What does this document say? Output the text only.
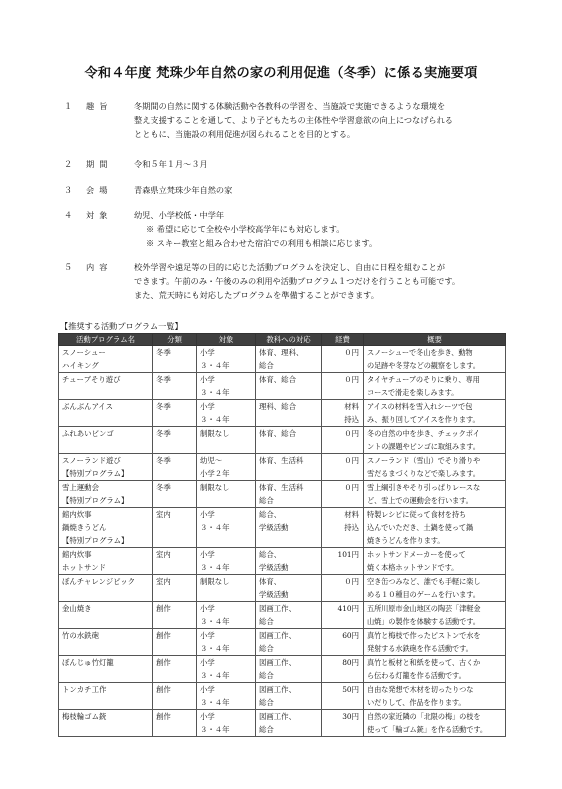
令和４年度 梵珠少年自然の家の利用促進（冬季）に係る実施要項
１	趣旨	冬期間の自然に関する体験活動や各教科の学習を、当施設で実施できるような環境を

整え支援することを通して、より子どもたちの主体性や学習意欲の向上につなげられる

とともに、当施設の利用促進が図られることを目的とする。

２	期間	令和５年１月～３月

３	会場	青森県立梵珠少年自然の家

４	対象	幼児、小学校低・中学年

※ 希望に応じて全校や小学校高学年にも対応します。

※ スキー教室と組み合わせた宿泊での利用も相談に応じます。

５	内容	校外学習や遠足等の目的に応じた活動プログラムを決定し、自由に日程を組むことが

できます。午前のみ・午後のみの利用や活動プログラム１つだけを行うことも可能です。

また、荒天時にも対応したプログラムを準備することができます。

【推奨する活動プログラム一覧】
活動プログラム名	分類	対象	教科への対応	経費	概要

スノーシュー
ハイキング	冬季	小学
３・４年	体育、理科、
総合	０円	スノーシューで冬山を歩き、動物
の足跡や冬芽などの観察をします。

チューブそり遊び	冬季	小学
３・４年	体育、総合	０円	タイヤチューブのそりに乗り、専用
コースで滑走を楽しみます。

ぶんぶんアイス	冬季	小学
３・４年	理科、総合	材料
持込	アイスの材料を雪入れシーツで包
み、振り回してアイスを作ります。

ふれあいビンゴ	冬季	制限なし	体育、総合	０円	冬の自然の中を歩き、チェックポイ
ントの課題やビンゴに取組みます。

スノーランド遊び
【特別プログラム】	冬季	幼児～
小学２年	体育、生活科	０円	スノーランド（雪山）でそり滑りや
雪だるまづくりなどで楽しみます。

雪上運動会
【特別プログラム】	冬季	制限なし	体育、生活科
総合	０円	雪上綱引きやそり引っぱりレースな
ど、雪上での運動会を行います。

館内炊事
鍋焼きうどん
【特別プログラム】	室内	小学
３・４年	総合、
学級活動	材料
持込	特製レシピに従って食材を持ち
込んでいただき、土鍋を使って鍋
焼きうどんを作ります。

館内炊事
ホットサンド	室内	小学
３・４年	総合、
学級活動	101円	ホットサンドメーカーを使って
焼く本格ホットサンドです。

ぼんチャレンジピック	室内	制限なし	体育、
学級活動	０円	空き缶つみなど、誰でも手軽に楽し
める１０種目のゲームを行います。

金山焼き	創作	小学
３・４年	図画工作、
総合	410円	五所川原市金山地区の陶芸「津軽金
山焼」の製作を体験する活動です。

竹の水鉄砲	創作	小学
３・４年	図画工作、
総合	60円	真竹と梅枝で作ったピストンで水を
発射する水鉄砲を作る活動です。

ぼんじゅ竹灯籠	創作	小学
３・４年	図画工作、
総合	80円	真竹と板材と和紙を使って、古くか
ら伝わる灯籠を作る活動です。

トンカチ工作	創作	小学
３・４年	図画工作、
総合	50円	自由な発想で木材を切ったりつな
いだりして、作品を作ります。

梅枝輪ゴム銃	創作	小学
３・４年	図画工作、
総合	30円	自然の家近隣の「北限の梅」の枝を
使って「輪ゴム銃」を作る活動です。
